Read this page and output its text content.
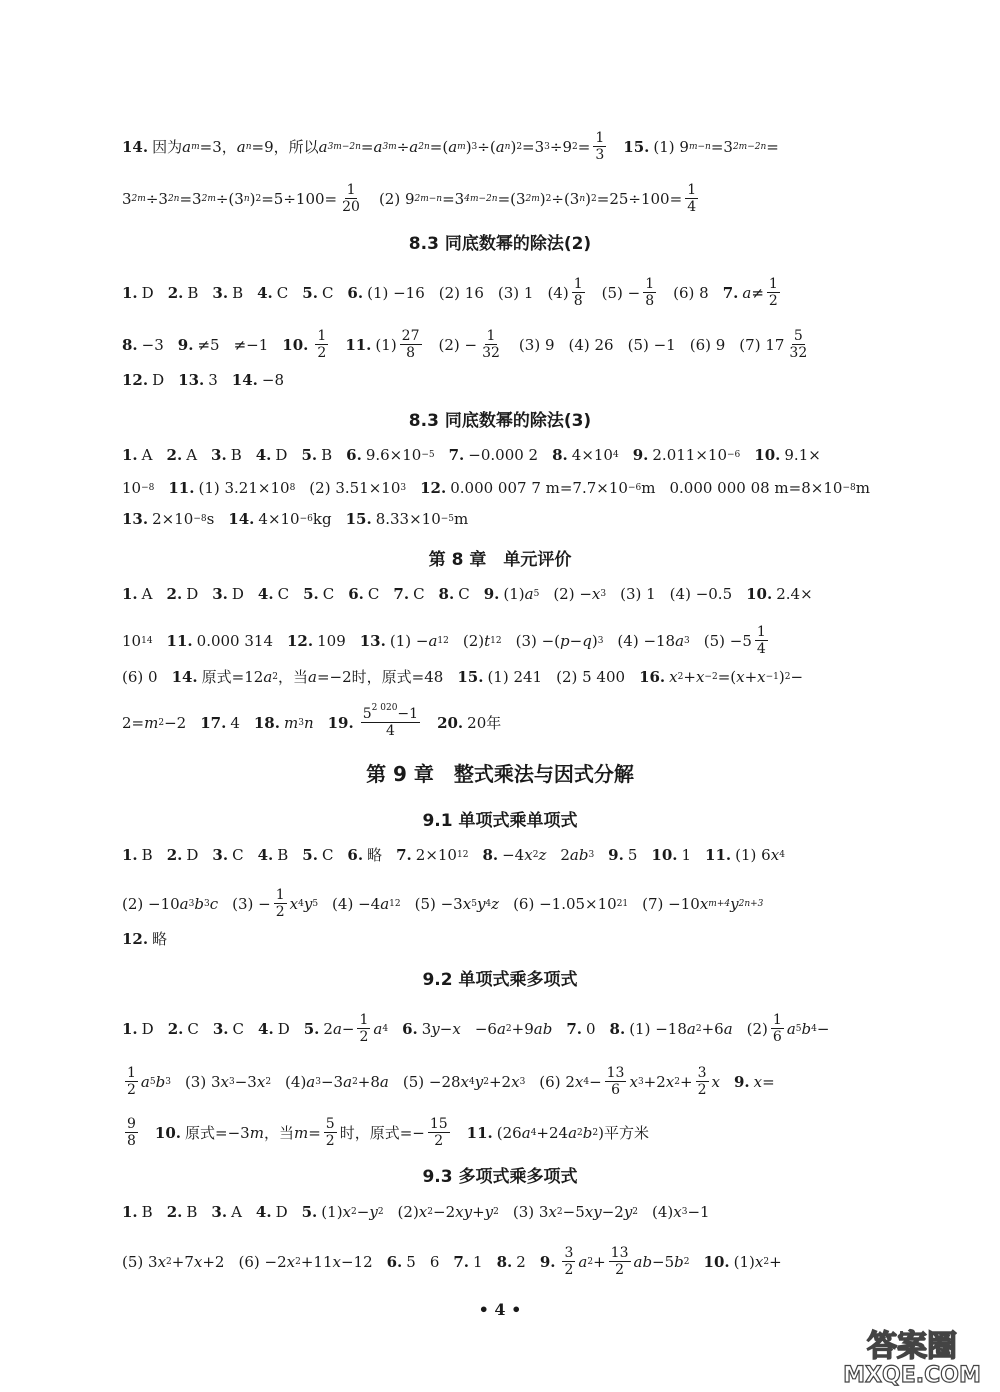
14. 因为 a m =3， a n =9，所以 a 3m−2n = a 3m ÷ a 2n =( a m ) 3 ÷( a n ) 2 =3 3 ÷9 $2 = \frac{1}{3} 15$. (1) 9 m−n =3 2m−2n =
3 2m ÷3 2n =3 2m ÷(3 n ) $2 =5\div 100= \frac{1}{20} (2)$ 9 2m−n =3 4m−2n =(3 2m ) 2 ÷(3 n ) $2 =25\div 100= \frac{1}{4}$
8.3 同底数幂的除法(2)
1. D 2. B 3. B 4. C 5. C 6. (1) −16 (2) 16 (3) 1 $(4) \frac{1}{8} (5) - \frac{1}{8} (6)$ 8 7. $a \ne \frac{1}{2}$
8. −3 9. ≠5 ≠−1 10. $\frac{1}{2} 11$. $(1) \frac{27}{8} (2) - \frac{1}{32} (3)$ 9 (4) 26 (5) −1 (6) 9 (7) $17 \frac{5}{32}$
12. D 13. 3 14. −8
8.3 同底数幂的除法(3)
1. A 2. A 3. B 4. D 5. B 6. 9.6×10 −5 7. −0.000 2 8. 4×10 4 9. 2.011×10 −6 10. 9.1×
10 −8 11. (1) 3.21×10 8 (2) 3.51×10 3 12. 0.000 007 7 m=7.7×10 −6 m 0.000 000 08 m=8×10 −8 m
13. 2×10 −8 s 14. 4×10 −6 kg 15. 8.33×10 −5 m
第 8 章　单元评价
1. A 2. D 3. D 4. C 5. C 6. C 7. C 8. C 9. (1) a 5 (2) − x 3 (3) 1 (4) −0.5 10. 2.4×
10 14 11. 0.000 314 12. 109 13. (1) − a 12 (2) t 12 (3) −( p − q ) 3 (4) −18 a 3 $(5) -5 \frac{1}{4}$
(6) 0 14. 原式=12 a 2 ，当 a =−2时，原式=48 15. (1) 241 (2) 5 400 16. x 2 + x −2 =( x + x −1 ) 2 −
2= m 2 −2 17. 4 18. m 3 n 19. $\frac{5^{2 020}-1}{4} 20$. 20年
第 9 章　整式乘法与因式分解
9.1 单项式乘单项式
1. B 2. D 3. C 4. B 5. C 6. 略 7. 2×10 12 8. −4 x 2 z 2 ab 3 9. 5 10. 1 11. (1) 6 x 4
(2) −10 a 3 b 3 c $(3) - \frac{1}{2}$ x 4 y 5 (4) −4 a 12 (5) −3 x 5 y 4 z (6) −1.05×10 21 (7) −10 x m+4 y 2n+3
12. 略
9.2 单项式乘多项式
1. D 2. C 3. C 4. D 5. 2 $a - \frac{1}{2}$ a 4 6. 3 y − x −6 a 2 +9 ab 7. 0 8. (1) −18 a 2 +6 a $(2) \frac{1}{6}$ a 5 b 4 −
$\frac{1}{2}$ a 5 b 3 (3) 3 x 3 −3 x 2 (4) a 3 −3 a 2 +8 a (5) −28 x 4 y 2 +2 x 3 (6) 2 x $4 - \frac{13}{6}$ x 3 +2 x $2 + \frac{3}{2}$ x 9. x =
$\frac{9}{8} 10$. 原式=−3 m ，当 $m = \frac{5}{2}$ 时，原式=− $\frac{15}{2} 11$. (26 a 4 +24 a 2 b 2 )平方米
9.3 多项式乘多项式
1. B 2. B 3. A 4. D 5. (1) x 2 − y 2 (2) x 2 −2 xy + y 2 (3) 3 x 2 −5 xy −2 y 2 (4) x 3 −1
(5) 3 x 2 +7 x +2 (6) −2 x 2 +11 x −12 6. 5 6 7. 1 8. 2 9. $\frac{3}{2}$ a $2 + \frac{13}{2}$ ab −5 b 2 10. (1) x 2 +
• 4 •
答案圈
MXQE.COM
